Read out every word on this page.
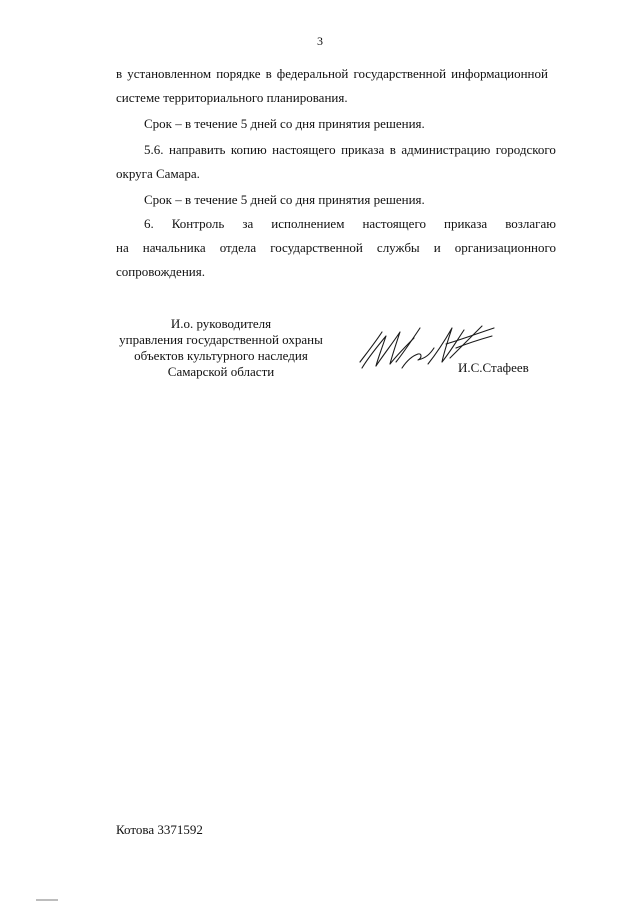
3
в установленном порядке в федеральной государственной информационной
системе территориального планирования.
Срок – в течение 5 дней со дня принятия решения.
5.6. направить копию настоящего приказа в администрацию городского
округа Самара.
Срок – в течение 5 дней со дня принятия решения.
6. Контроль за исполнением настоящего приказа возлагаю
на начальника отдела государственной службы и организационного
сопровождения.
И.о. руководителя
управления государственной охраны
объектов культурного наследия
Самарской области	И.С.Стафеев
Котова 3371592
